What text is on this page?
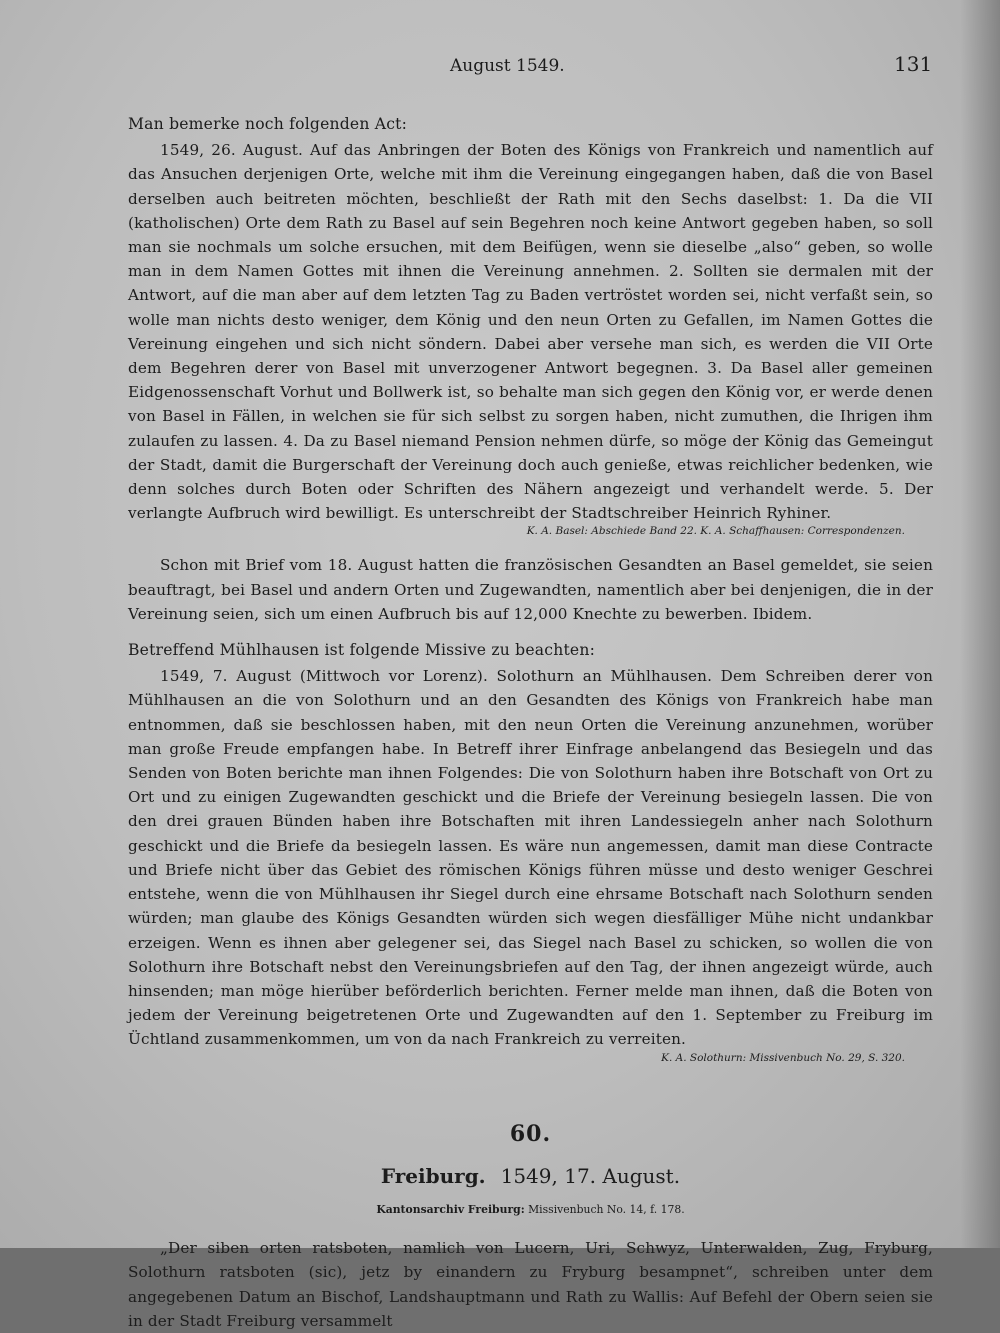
August 1549.	131

Man bemerke noch folgenden Act:

1549, 26. August. Auf das Anbringen der Boten des Königs von Frankreich und namentlich auf das Ansuchen derjenigen Orte, welche mit ihm die Vereinung eingegangen haben, daß die von Basel derselben auch beitreten möchten, beschließt der Rath mit den Sechs daselbst: 1. Da die VII (katholischen) Orte dem Rath zu Basel auf sein Begehren noch keine Antwort gegeben haben, so soll man sie nochmals um solche ersuchen, mit dem Beifügen, wenn sie dieselbe „also“ geben, so wolle man in dem Namen Gottes mit ihnen die Vereinung annehmen. 2. Sollten sie dermalen mit der Antwort, auf die man aber auf dem letzten Tag zu Baden vertröstet worden sei, nicht verfaßt sein, so wolle man nichts desto weniger, dem König und den neun Orten zu Gefallen, im Namen Gottes die Vereinung eingehen und sich nicht söndern. Dabei aber versehe man sich, es werden die VII Orte dem Begehren derer von Basel mit unverzogener Antwort begegnen. 3. Da Basel aller gemeinen Eidgenossenschaft Vorhut und Bollwerk ist, so behalte man sich gegen den König vor, er werde denen von Basel in Fällen, in welchen sie für sich selbst zu sorgen haben, nicht zumuthen, die Ihrigen ihm zulaufen zu lassen. 4. Da zu Basel niemand Pension nehmen dürfe, so möge der König das Gemeingut der Stadt, damit die Burgerschaft der Vereinung doch auch genieße, etwas reichlicher bedenken, wie denn solches durch Boten oder Schriften des Nähern angezeigt und verhandelt werde. 5. Der verlangte Aufbruch wird bewilligt. Es unterschreibt der Stadtschreiber Heinrich Ryhiner.

K. A. Basel: Abschiede Band 22. K. A. Schaffhausen: Correspondenzen.

Schon mit Brief vom 18. August hatten die französischen Gesandten an Basel gemeldet, sie seien beauftragt, bei Basel und andern Orten und Zugewandten, namentlich aber bei denjenigen, die in der Vereinung seien, sich um einen Aufbruch bis auf 12,000 Knechte zu bewerben. Ibidem.

Betreffend Mühlhausen ist folgende Missive zu beachten:

1549, 7. August (Mittwoch vor Lorenz). Solothurn an Mühlhausen. Dem Schreiben derer von Mühlhausen an die von Solothurn und an den Gesandten des Königs von Frankreich habe man entnommen, daß sie beschlossen haben, mit den neun Orten die Vereinung anzunehmen, worüber man große Freude empfangen habe. In Betreff ihrer Einfrage anbelangend das Besiegeln und das Senden von Boten berichte man ihnen Folgendes: Die von Solothurn haben ihre Botschaft von Ort zu Ort und zu einigen Zugewandten geschickt und die Briefe der Vereinung besiegeln lassen. Die von den drei grauen Bünden haben ihre Botschaften mit ihren Landessiegeln anher nach Solothurn geschickt und die Briefe da besiegeln lassen. Es wäre nun angemessen, damit man diese Contracte und Briefe nicht über das Gebiet des römischen Königs führen müsse und desto weniger Geschrei entstehe, wenn die von Mühlhausen ihr Siegel durch eine ehrsame Botschaft nach Solothurn senden würden; man glaube des Königs Gesandten würden sich wegen diesfälliger Mühe nicht undankbar erzeigen. Wenn es ihnen aber gelegener sei, das Siegel nach Basel zu schicken, so wollen die von Solothurn ihre Botschaft nebst den Vereinungsbriefen auf den Tag, der ihnen angezeigt würde, auch hinsenden; man möge hierüber beförderlich berichten. Ferner melde man ihnen, daß die Boten von jedem der Vereinung beigetretenen Orte und Zugewandten auf den 1. September zu Freiburg im Üchtland zusammenkommen, um von da nach Frankreich zu verreiten.

K. A. Solothurn: Missivenbuch No. 29, S. 320.
60.
Freiburg. 1549, 17. August.
Kantonsarchiv Freiburg: Missivenbuch No. 14, f. 178.

„Der siben orten ratsboten, namlich von Lucern, Uri, Schwyz, Unterwalden, Zug, Fryburg, Solothurn ratsboten (sic), jetz by einandern zu Fryburg besampnet“, schreiben unter dem angegebenen Datum an Bischof, Landshauptmann und Rath zu Wallis: Auf Befehl der Obern seien sie in der Stadt Freiburg versammelt
